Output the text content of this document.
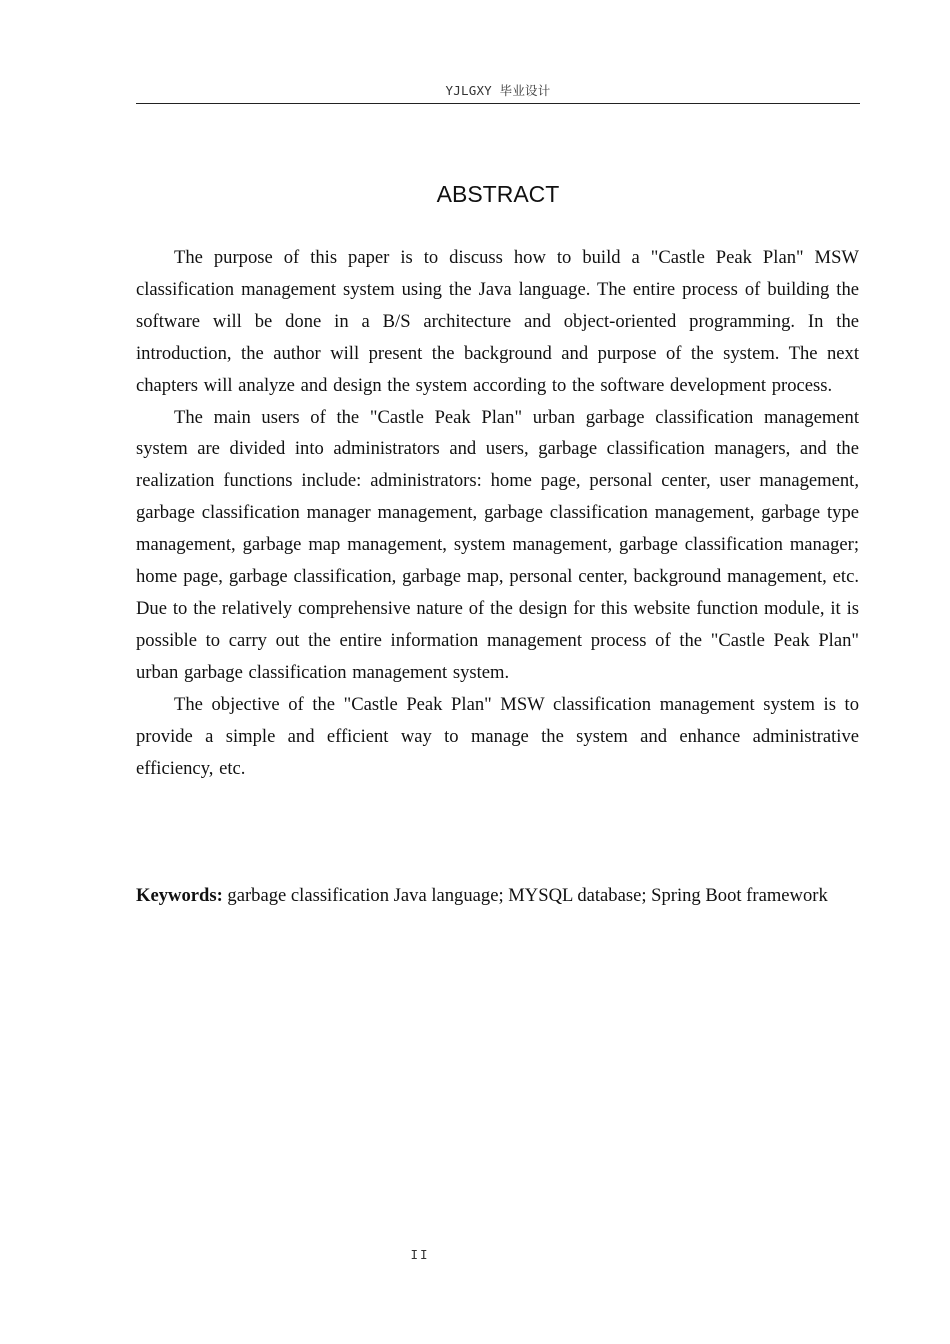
YJLGXY 毕业设计
ABSTRACT

The purpose of this paper is to discuss how to build a "Castle Peak Plan" MSW classification management system using the Java language. The entire process of building the software will be done in a B/S architecture and object-oriented programming. In the introduction, the author will present the background and purpose of the system. The next chapters will analyze and design the system according to the software development process.

The main users of the "Castle Peak Plan" urban garbage classification management system are divided into administrators and users, garbage classification managers, and the realization functions include: administrators: home page, personal center, user management, garbage classification manager management, garbage classification management, garbage type management, garbage map management, system management, garbage classification manager; home page, garbage classification, garbage map, personal center, background management, etc. Due to the relatively comprehensive nature of the design for this website function module, it is possible to carry out the entire information management process of the "Castle Peak Plan" urban garbage classification management system.

The objective of the "Castle Peak Plan" MSW classification management system is to provide a simple and efficient way to manage the system and enhance administrative efficiency, etc.

Keywords: garbage classification Java language; MYSQL database; Spring Boot framework

II
